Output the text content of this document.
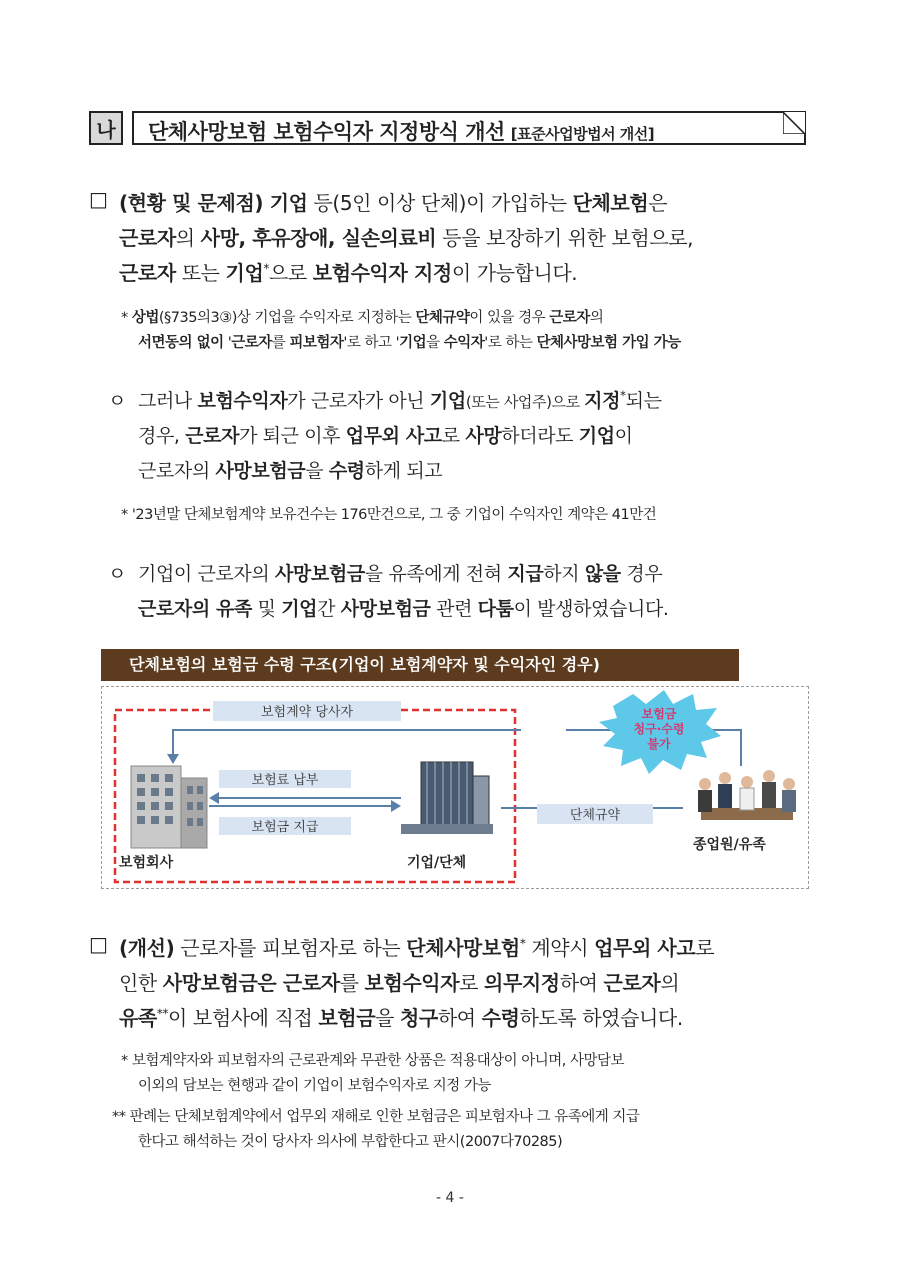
나	단체사망보험 보험수익자 지정방식 개선 [표준사업방법서 개선]
□ (현황 및 문제점) 기업 등(5인 이상 단체)이 가입하는 단체보험은
근로자의 사망, 후유장애, 실손의료비 등을 보장하기 위한 보험으로,
근로자 또는 기업*으로 보험수익자 지정이 가능합니다.
* 상법(§735의3③)상 기업을 수익자로 지정하는 단체규약이 있을 경우 근로자의
서면동의 없이 '근로자를 피보험자'로 하고 '기업을 수익자'로 하는 단체사망보험 가입 가능
ㅇ 그러나 보험수익자가 근로자가 아닌 기업(또는 사업주)으로 지정*되는
경우, 근로자가 퇴근 이후 업무외 사고로 사망하더라도 기업이
근로자의 사망보험금을 수령하게 되고
* '23년말 단체보험계약 보유건수는 176만건으로, 그 중 기업이 수익자인 계약은 41만건
ㅇ 기업이 근로자의 사망보험금을 유족에게 전혀 지급하지 않을 경우
근로자의 유족 및 기업간 사망보험금 관련 다툼이 발생하였습니다.
단체보험의 보험금 수령 구조(기업이 보험계약자 및 수익자인 경우)
보험계약 당사자	보험금
청구·수령
불가
보험회사	기업/단체
보험료 납부
보험금 지급
단체규약
종업원/유족
□ (개선) 근로자를 피보험자로 하는 단체사망보험* 계약시 업무외 사고로
인한 사망보험금은 근로자를 보험수익자로 의무지정하여 근로자의
유족**이 보험사에 직접 보험금을 청구하여 수령하도록 하였습니다.
* 보험계약자와 피보험자의 근로관계와 무관한 상품은 적용대상이 아니며, 사망담보
이외의 담보는 현행과 같이 기업이 보험수익자로 지정 가능
** 판례는 단체보험계약에서 업무외 재해로 인한 보험금은 피보험자나 그 유족에게 지급
한다고 해석하는 것이 당사자 의사에 부합한다고 판시(2007다70285)
- 4 -
